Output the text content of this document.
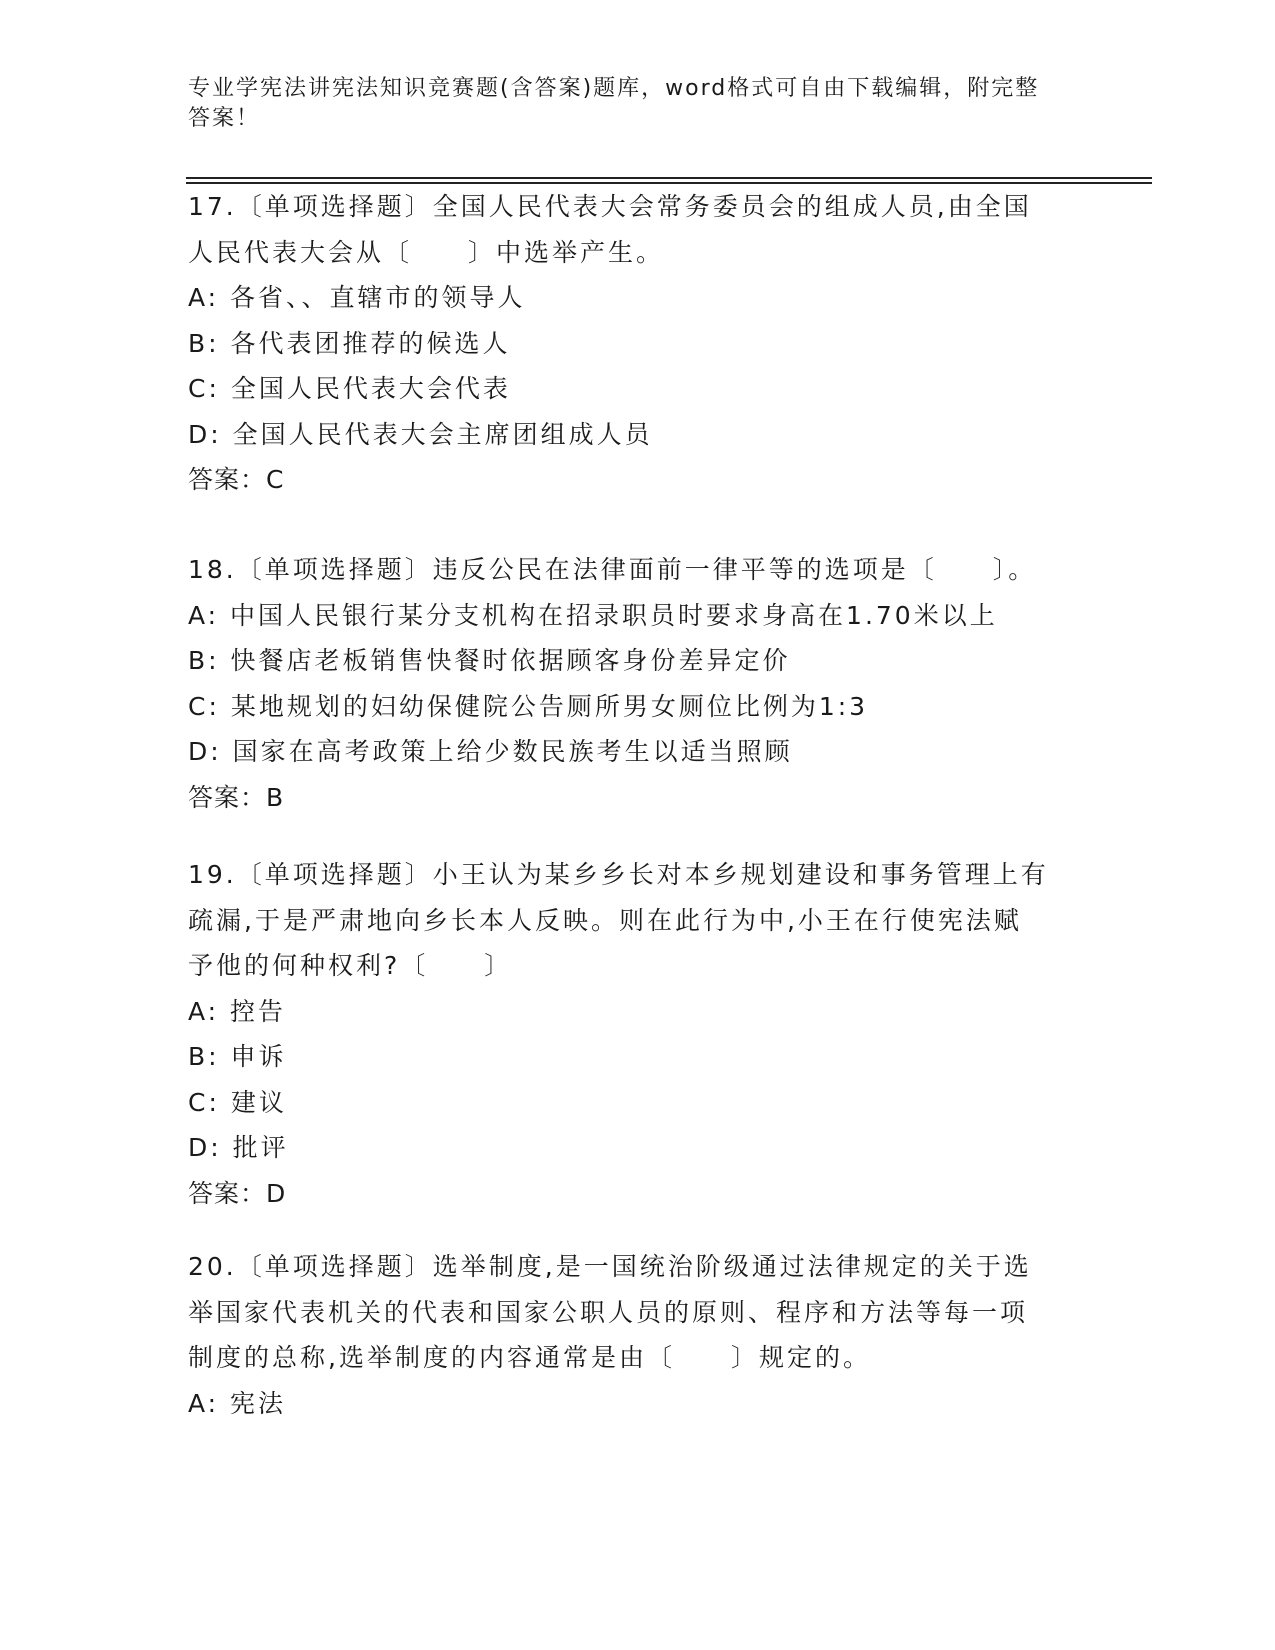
专业学宪法讲宪法知识竞赛题(含答案)题库，word格式可自由下载编辑，附完整
答案！
17.〔单项选择题〕全国人民代表大会常务委员会的组成人员,由全国
人民代表大会从〔　　〕中选举产生。
A: 各省、、直辖市的领导人
B: 各代表团推荐的候选人
C: 全国人民代表大会代表
D: 全国人民代表大会主席团组成人员
答案：C
18.〔单项选择题〕违反公民在法律面前一律平等的选项是〔　　〕。
A: 中国人民银行某分支机构在招录职员时要求身高在1.70米以上
B: 快餐店老板销售快餐时依据顾客身份差异定价
C: 某地规划的妇幼保健院公告厕所男女厕位比例为1:3
D: 国家在高考政策上给少数民族考生以适当照顾
答案：B
19.〔单项选择题〕小王认为某乡乡长对本乡规划建设和事务管理上有
疏漏,于是严肃地向乡长本人反映。则在此行为中,小王在行使宪法赋
予他的何种权利?〔　　〕
A: 控告
B: 申诉
C: 建议
D: 批评
答案：D
20.〔单项选择题〕选举制度,是一国统治阶级通过法律规定的关于选
举国家代表机关的代表和国家公职人员的原则、程序和方法等每一项
制度的总称,选举制度的内容通常是由〔　　〕规定的。
A: 宪法
